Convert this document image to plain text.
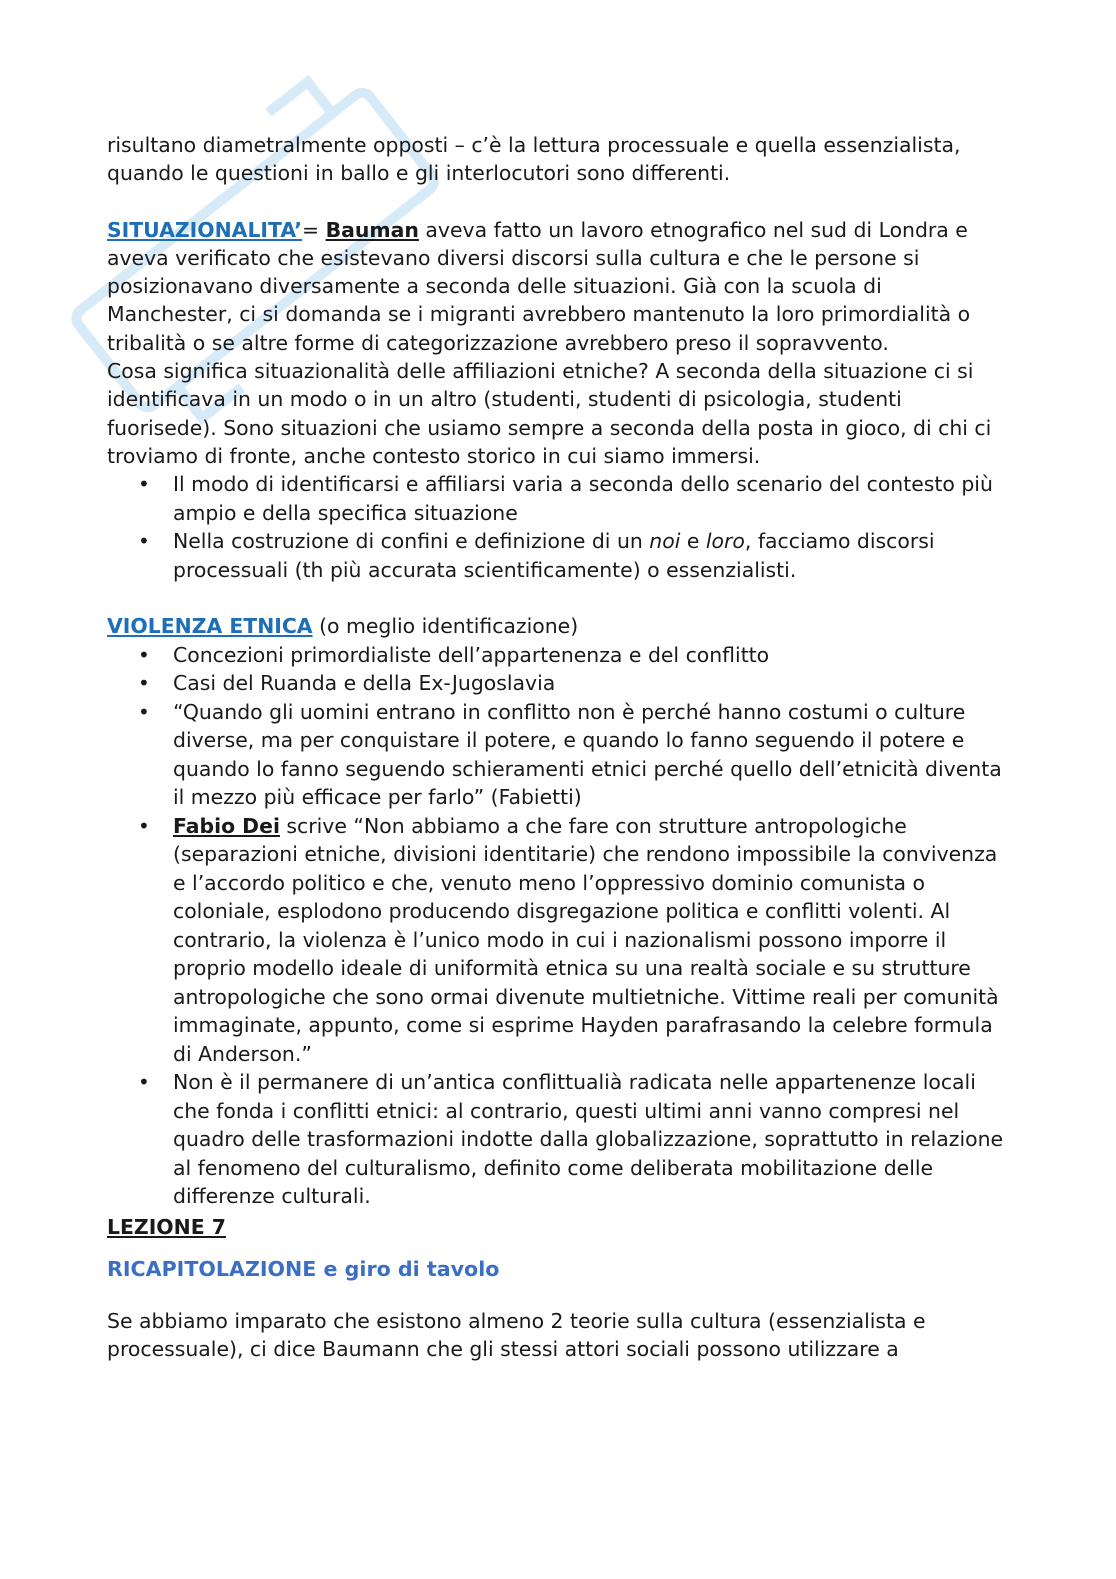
risultano diametralmente opposti – c’è la lettura processuale e quella essenzialista, quando le questioni in ballo e gli interlocutori sono differenti.

SITUAZIONALITA’= Bauman aveva fatto un lavoro etnografico nel sud di Londra e aveva verificato che esistevano diversi discorsi sulla cultura e che le persone si posizionavano diversamente a seconda delle situazioni. Già con la scuola di Manchester, ci si domanda se i migranti avrebbero mantenuto la loro primordialità o tribalità o se altre forme di categorizzazione avrebbero preso il sopravvento.

Cosa significa situazionalità delle affiliazioni etniche? A seconda della situazione ci si identificava in un modo o in un altro (studenti, studenti di psicologia, studenti fuorisede). Sono situazioni che usiamo sempre a seconda della posta in gioco, di chi ci troviamo di fronte, anche contesto storico in cui siamo immersi.

• Il modo di identificarsi e affiliarsi varia a seconda dello scenario del contesto più ampio e della specifica situazione
• Nella costruzione di confini e definizione di un noi e loro, facciamo discorsi processuali (th più accurata scientificamente) o essenzialisti.

VIOLENZA ETNICA (o meglio identificazione)

• Concezioni primordialiste dell’appartenenza e del conflitto
• Casi del Ruanda e della Ex-Jugoslavia
• “Quando gli uomini entrano in conflitto non è perché hanno costumi o culture diverse, ma per conquistare il potere, e quando lo fanno seguendo il potere e quando lo fanno seguendo schieramenti etnici perché quello dell’etnicità diventa il mezzo più efficace per farlo” (Fabietti)
• Fabio Dei scrive “Non abbiamo a che fare con strutture antropologiche (separazioni etniche, divisioni identitarie) che rendono impossibile la convivenza e l’accordo politico e che, venuto meno l’oppressivo dominio comunista o coloniale, esplodono producendo disgregazione politica e conflitti volenti. Al contrario, la violenza è l’unico modo in cui i nazionalismi possono imporre il proprio modello ideale di uniformità etnica su una realtà sociale e su strutture antropologiche che sono ormai divenute multietniche. Vittime reali per comunità immaginate, appunto, come si esprime Hayden parafrasando la celebre formula di Anderson.”
• Non è il permanere di un’antica conflittualià radicata nelle appartenenze locali che fonda i conflitti etnici: al contrario, questi ultimi anni vanno compresi nel quadro delle trasformazioni indotte dalla globalizzazione, soprattutto in relazione al fenomeno del culturalismo, definito come deliberata mobilitazione delle differenze culturali.

LEZIONE 7

RICAPITOLAZIONE e giro di tavolo

Se abbiamo imparato che esistono almeno 2 teorie sulla cultura (essenzialista e processuale), ci dice Baumann che gli stessi attori sociali possono utilizzare a
